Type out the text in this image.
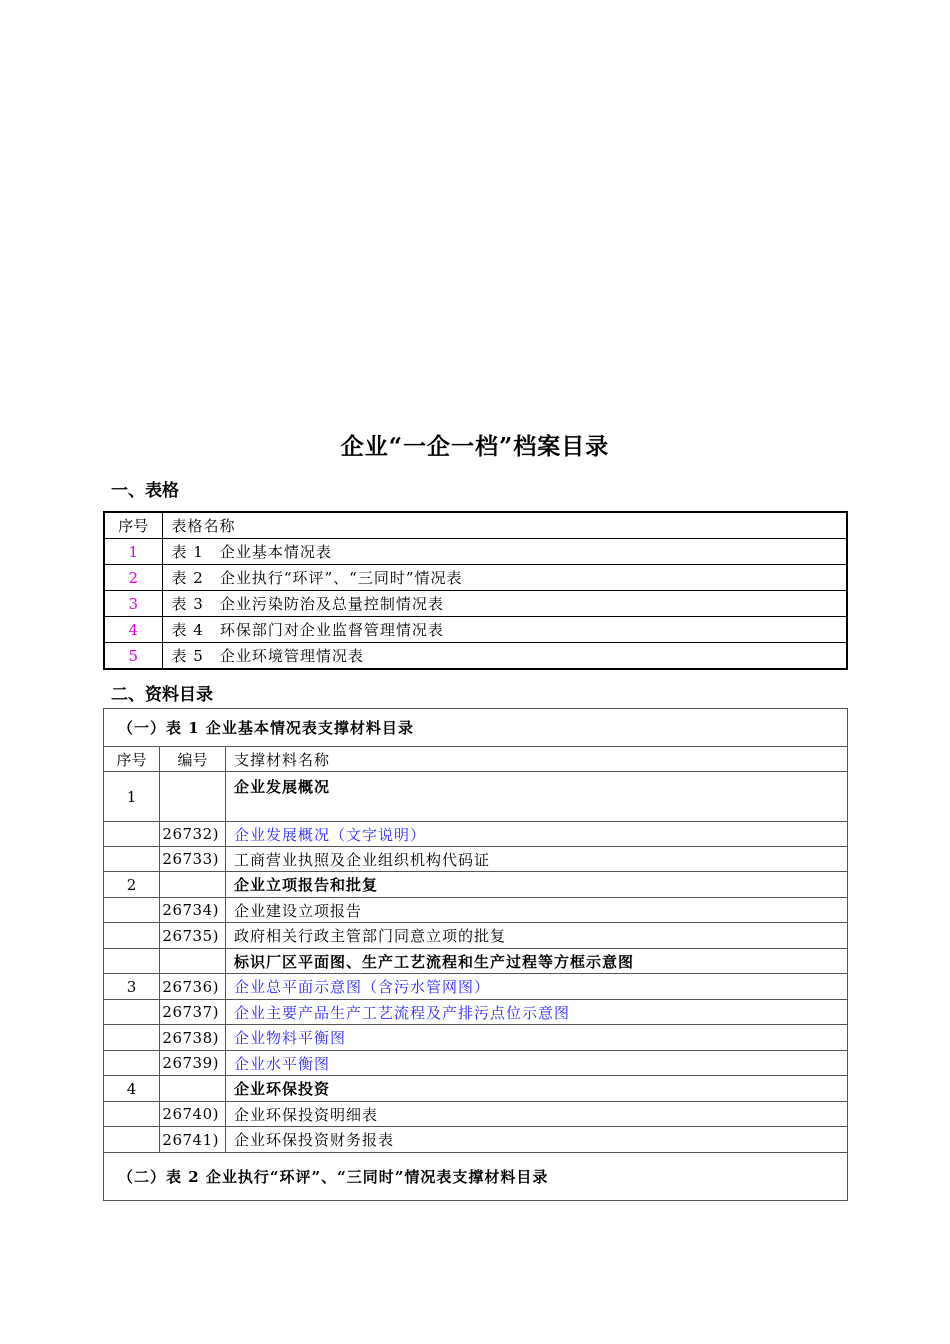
企业“一企一档”档案目录
一、表格
序号	表格名称
1	表 1 企业基本情况表
2	表 2 企业执行“环评”、“三同时”情况表
3	表 3 企业污染防治及总量控制情况表
4	表 4 环保部门对企业监督管理情况表
5	表 5 企业环境管理情况表
二、资料目录
（一）表 1 企业基本情况表支撑材料目录		
序号	编号	支撑材料名称
1		企业发展概况
	26732)	企业发展概况（文字说明）
	26733)	工商营业执照及企业组织机构代码证
2		企业立项报告和批复
	26734)	企业建设立项报告
	26735)	政府相关行政主管部门同意立项的批复
		标识厂区平面图、生产工艺流程和生产过程等方框示意图
3	26736)	企业总平面示意图（含污水管网图）
	26737)	企业主要产品生产工艺流程及产排污点位示意图
	26738)	企业物料平衡图
	26739)	企业水平衡图
4		企业环保投资
	26740)	企业环保投资明细表
	26741)	企业环保投资财务报表
（二）表 2 企业执行“环评”、“三同时”情况表支撑材料目录		
